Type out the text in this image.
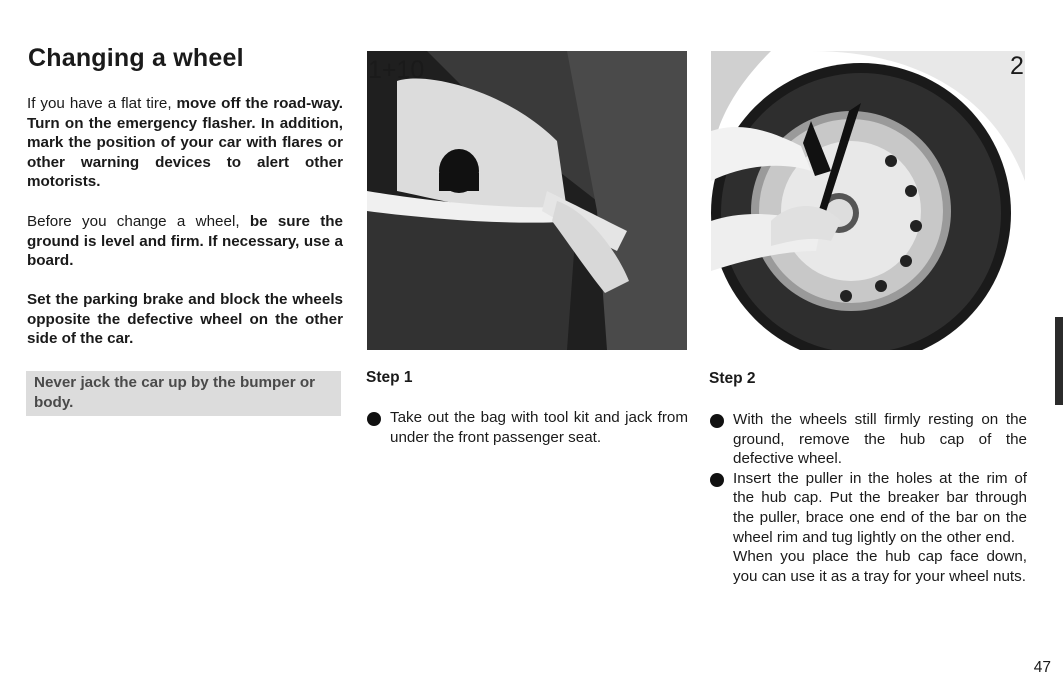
Changing a wheel

If you have a flat tire, move off the road-way. Turn on the emergency flasher. In addition, mark the position of your car with flares or other warning devices to alert other motorists.

Before you change a wheel, be sure the ground is level and firm. If necessary, use a board.

Set the parking brake and block the wheels opposite the defective wheel on the other side of the car.

Never jack the car up by the bumper or body.
1+10	2
Step 1
Take out the bag with tool kit and jack from under the front passenger seat.
Step 2
With the wheels still firmly resting on the ground, remove the hub cap of the defective wheel.
Insert the puller in the holes at the rim of the hub cap. Put the breaker bar through the puller, brace one end of the bar on the wheel rim and tug lightly on the other end.
When you place the hub cap face down, you can use it as a tray for your wheel nuts.
47
